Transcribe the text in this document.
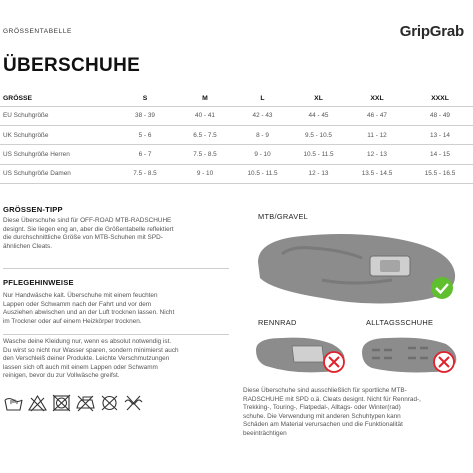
GRÖSSENTABELLE	GripGrab
ÜBERSCHUHE
GRÖSSE	S	M	L	XL	XXL	XXXL
EU Schuhgröße	38 - 39	40 - 41	42 - 43	44 - 45	46 - 47	48 - 49
UK Schuhgröße	5 - 6	6.5 - 7.5	8 - 9	9.5 - 10.5	11 - 12	13 - 14
US Schuhgröße Herren	6 - 7	7.5 - 8.5	9 - 10	10.5 - 11.5	12 - 13	14 - 15
US Schuhgröße Damen	7.5 - 8.5	9 - 10	10.5 - 11.5	12 - 13	13.5 - 14.5	15.5 - 16.5
GRÖSSEN-TIPP
Diese Überschuhe sind für OFF-ROAD MTB-RADSCHUHE
designt. Sie liegen eng an, aber die Größentabelle reflektiert
die durchschnittliche Größe von MTB-Schuhen mit SPD-
ähnlichen Cleats.
PFLEGEHINWEISE
Nur Handwäsche kalt. Überschuhe mit einem feuchten
Lappen oder Schwamm nach der Fahrt und vor dem
Ausziehen abwischen und an der Luft trocknen lassen. Nicht
im Trockner oder auf einem Heizkörper trocknen.
Wasche deine Kleidung nur, wenn es absolut notwendig ist.
Du wirst so nicht nur Wasser sparen, sondern minimierst auch
den Verschleiß deiner Produkte. Leichte Verschmutzungen
lassen sich oft auch mit einem Lappen oder Schwamm
reinigen, bevor du zur Vollwäsche greifst.
MTB/GRAVEL
RENNRAD	ALLTAGSSCHUHE
Diese Überschuhe sind ausschließlich für sportliche MTB-
RADSCHUHE mit SPD o.ä. Cleats designt. Nicht für Rennrad-,
Trekking-, Touring-, Flatpedal-, Alltags- oder Winter(rad)
schuhe. Die Verwendung mit anderen Schuhtypen kann
Schäden am Material verursachen und die Funktionalität
beeinträchtigen
